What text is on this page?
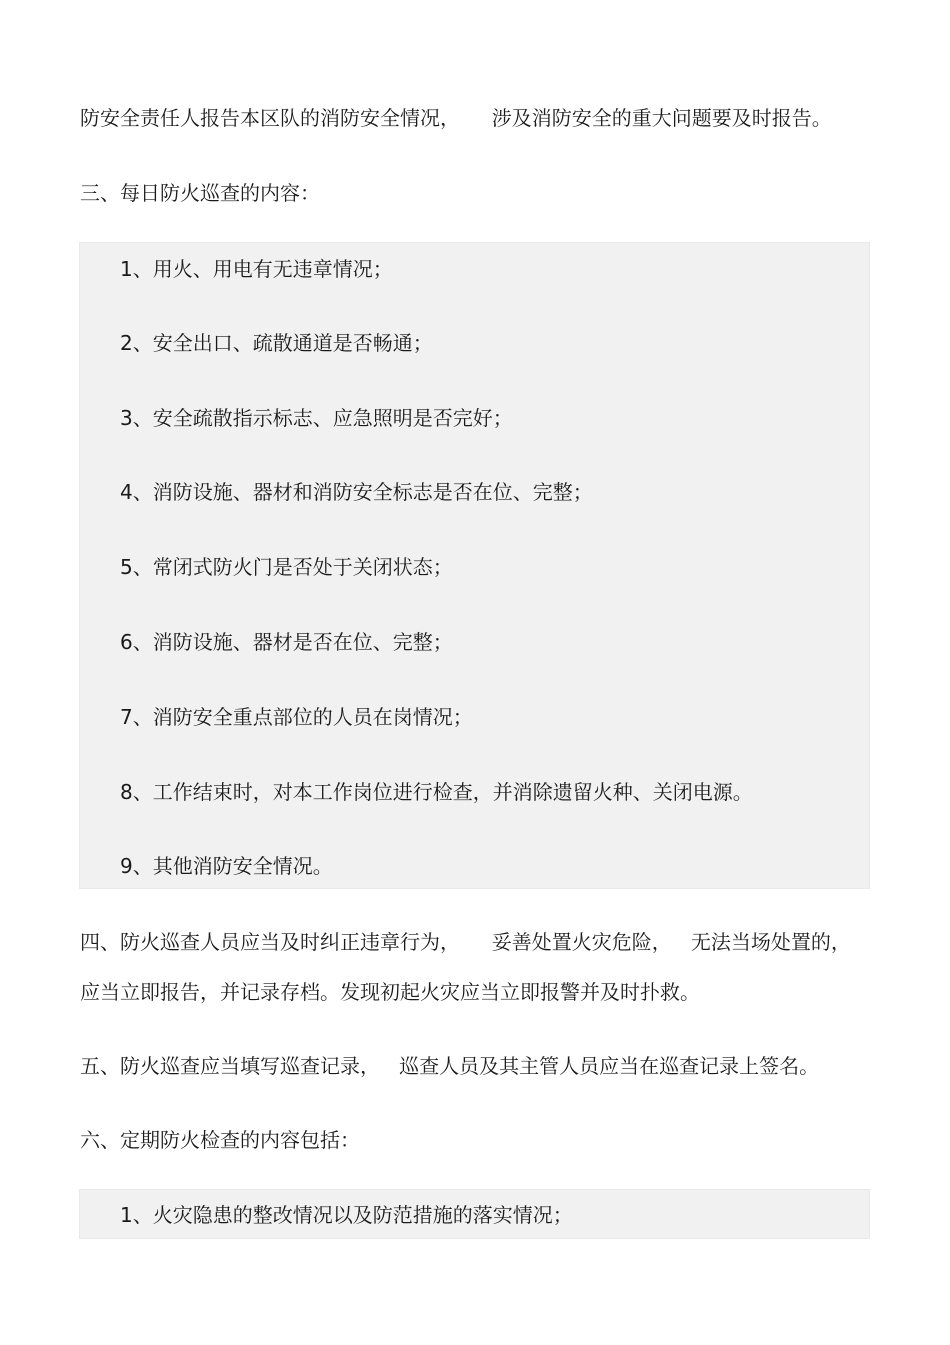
防安全责任人报告本区队的消防安全情况，     涉及消防安全的重大问题要及时报告。
三、每日防火巡查的内容：
1、用火、用电有无违章情况；
2、安全出口、疏散通道是否畅通；
3、安全疏散指示标志、应急照明是否完好；
4、消防设施、器材和消防安全标志是否在位、完整；
5、常闭式防火门是否处于关闭状态；
6、消防设施、器材是否在位、完整；
7、消防安全重点部位的人员在岗情况；
8、工作结束时，对本工作岗位进行检查，并消除遗留火种、关闭电源。
9、其他消防安全情况。
四、防火巡查人员应当及时纠正违章行为，     妥善处置火灾危险，   无法当场处置的，
应当立即报告，并记录存档。发现初起火灾应当立即报警并及时扑救。
五、防火巡查应当填写巡查记录，   巡查人员及其主管人员应当在巡查记录上签名。
六、定期防火检查的内容包括：
1、火灾隐患的整改情况以及防范措施的落实情况；
